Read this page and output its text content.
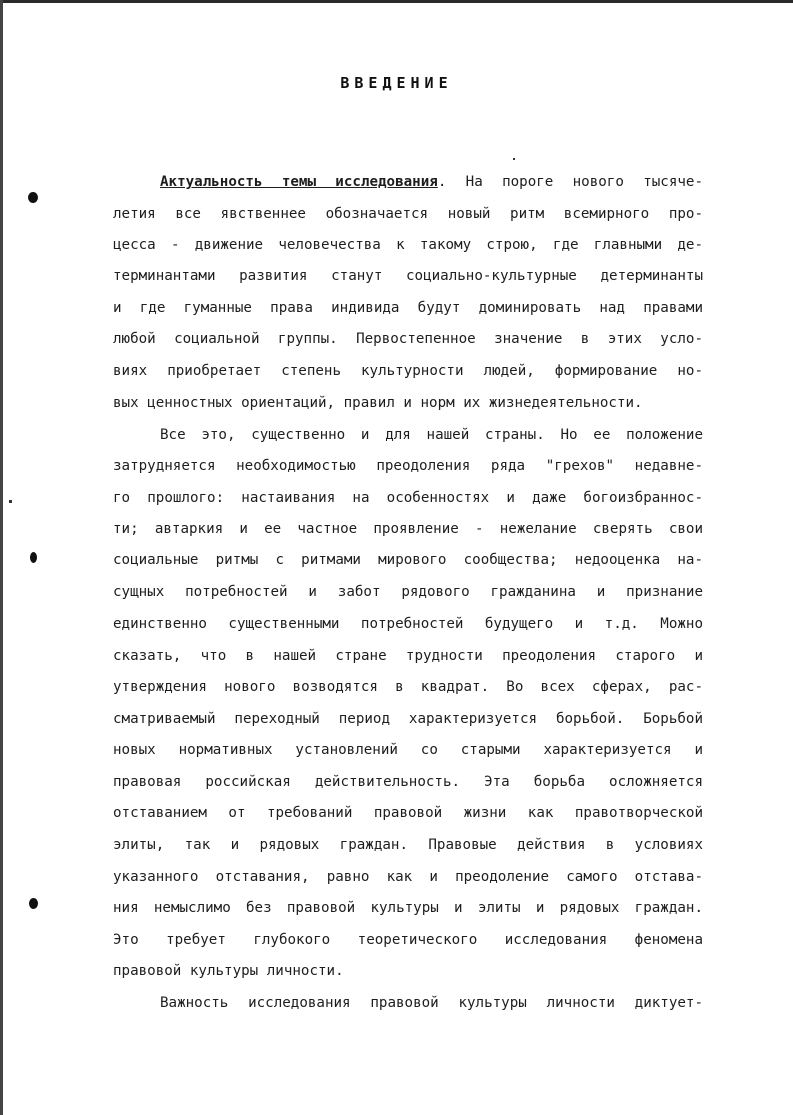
ВВЕДЕНИЕ
Актуальность темы исследования. На пороге нового тысяче-
летия все явственнее обозначается новый ритм всемирного про-
цесса - движение человечества к такому строю, где главными де-
терминантами развития станут социально-культурные детерминанты
и где гуманные права индивида будут доминировать над правами
любой социальной группы. Первостепенное значение в этих усло-
виях приобретает степень культурности людей, формирование но-
вых ценностных ориентаций, правил и норм их жизнедеятельности.
Все это, существенно и для нашей страны. Но ее положение
затрудняется необходимостью преодоления ряда "грехов" недавне-
го прошлого: настаивания на особенностях и даже богоизбраннос-
ти; автаркия и ее частное проявление - нежелание сверять свои
социальные ритмы с ритмами мирового сообщества; недооценка на-
сущных потребностей и забот рядового гражданина и признание
единственно существенными потребностей будущего и т.д. Можно
сказать, что в нашей стране трудности преодоления старого и
утверждения нового возводятся в квадрат. Во всех сферах, рас-
сматриваемый переходный период характеризуется борьбой. Борьбой
новых нормативных установлений со старыми характеризуется и
правовая российская действительность. Эта борьба осложняется
отставанием от требований правовой жизни как правотворческой
элиты, так и рядовых граждан. Правовые действия в условиях
указанного отставания, равно как и преодоление самого отстава-
ния немыслимо без правовой культуры и элиты и рядовых граждан.
Это требует глубокого теоретического исследования феномена
правовой культуры личности.
Важность исследования правовой культуры личности диктует-
